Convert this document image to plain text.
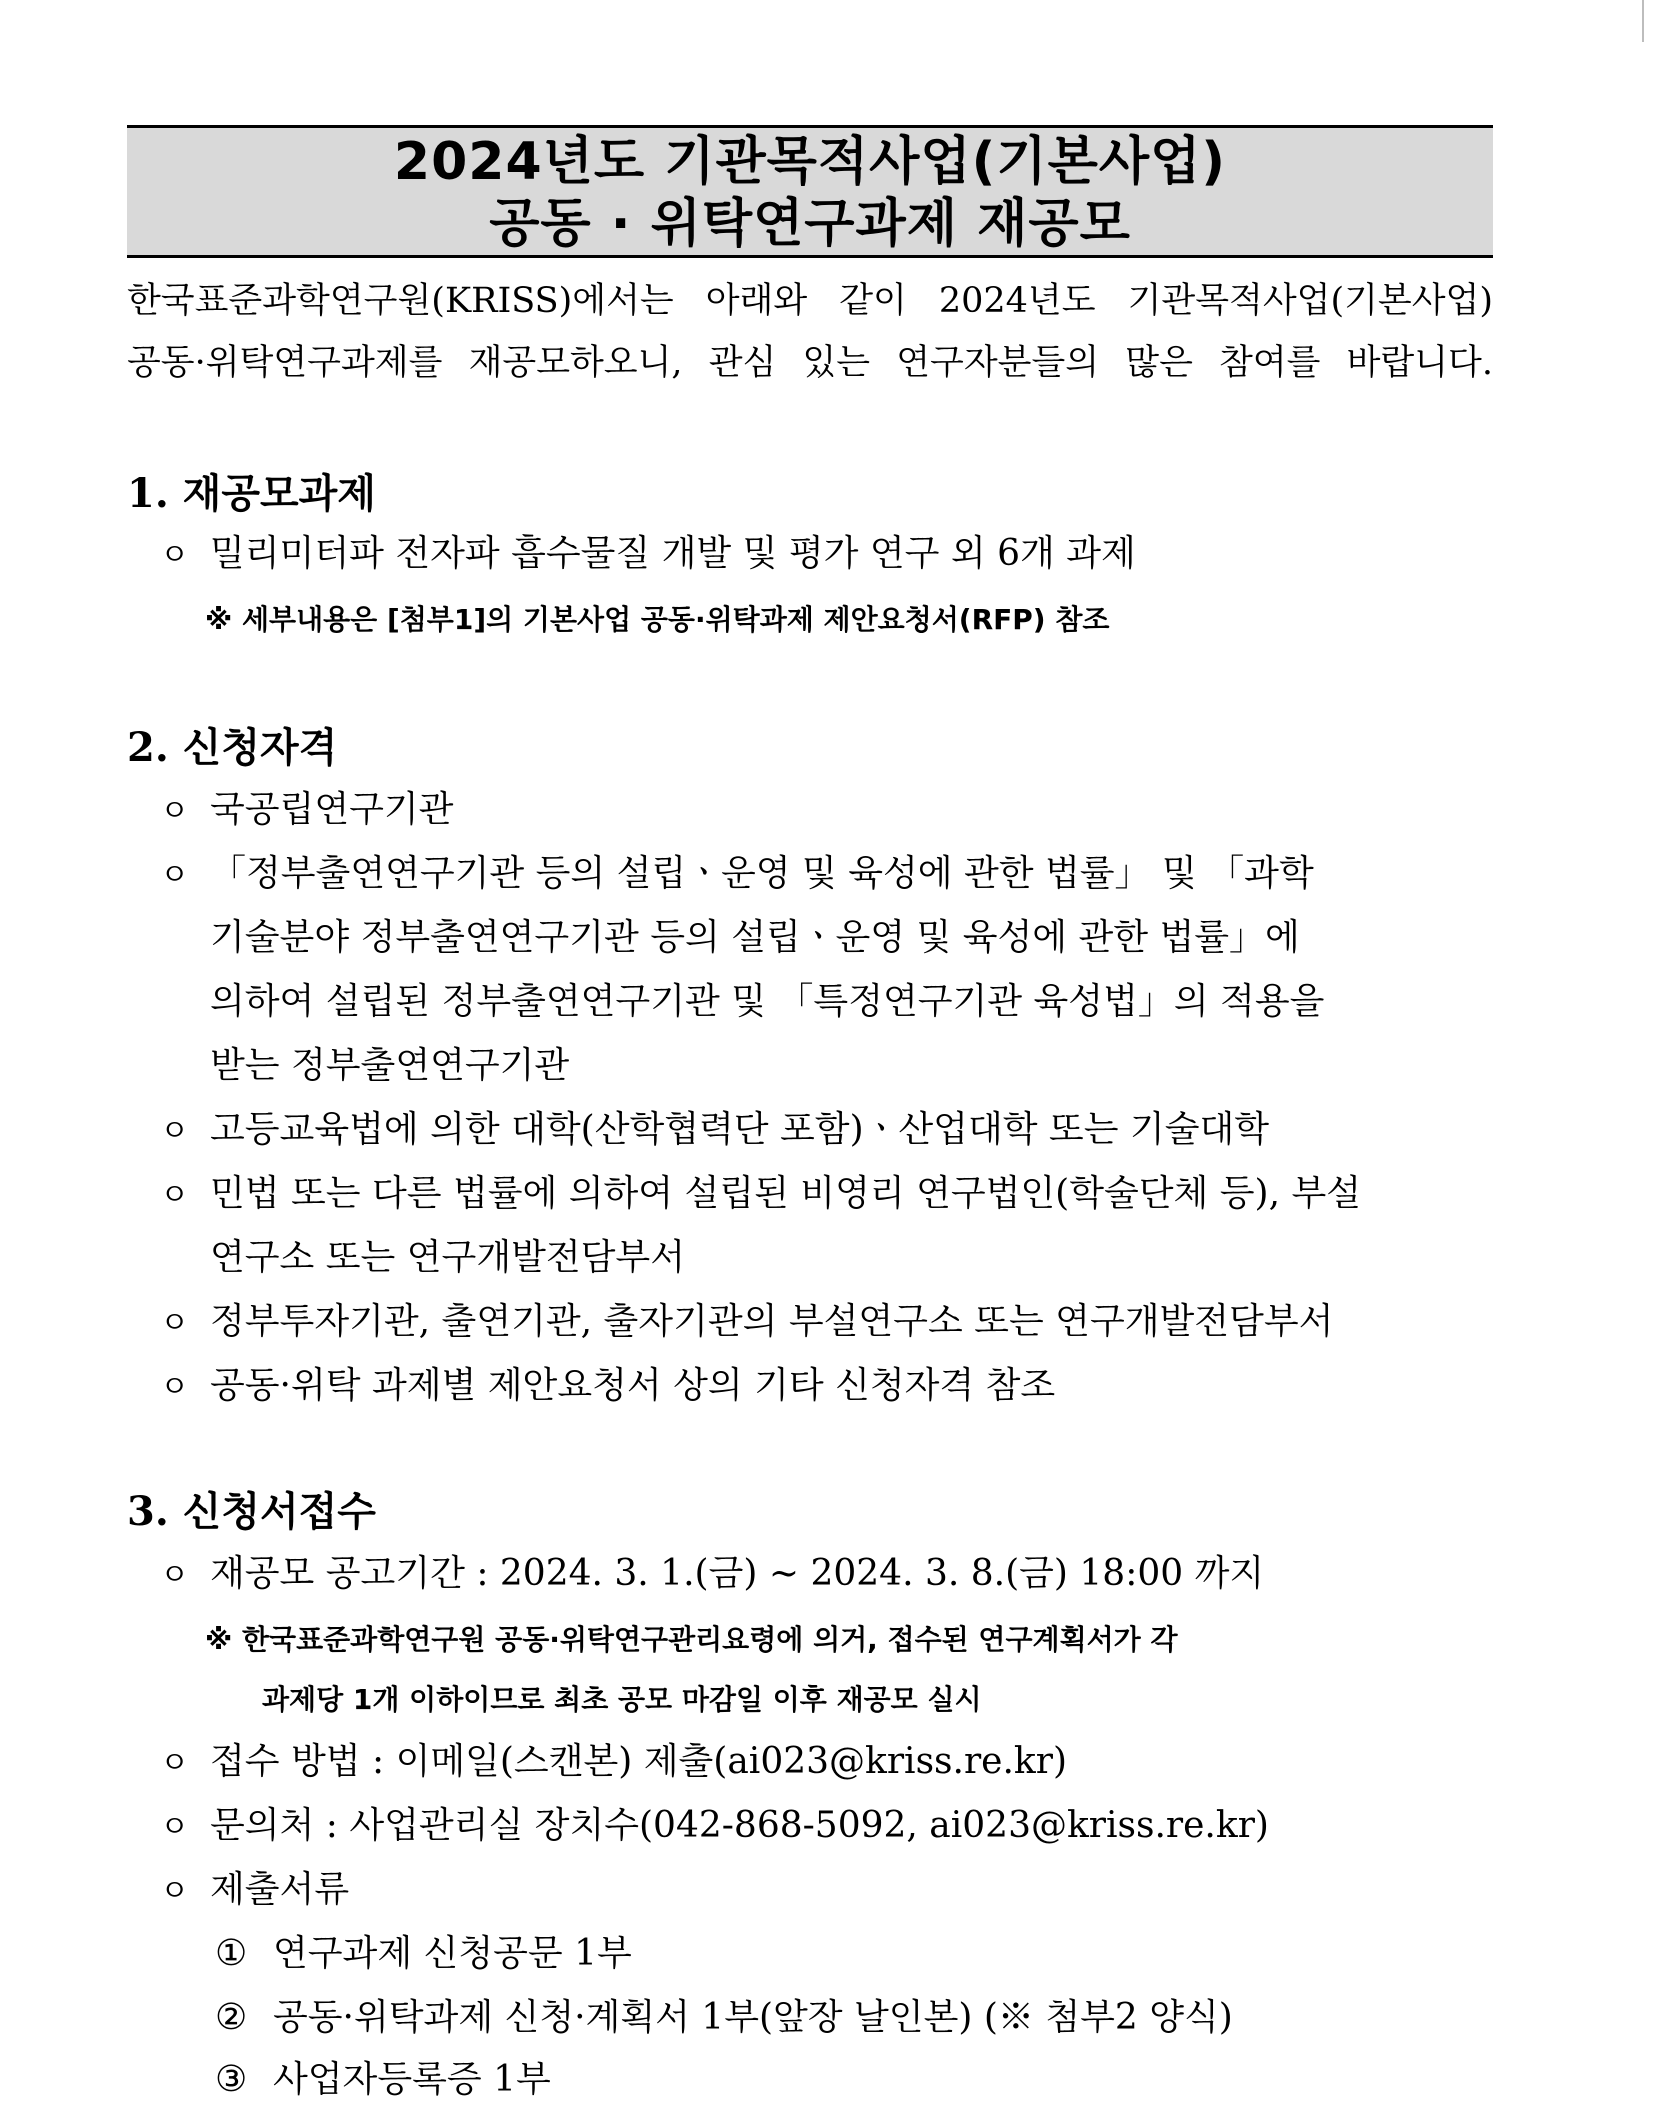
2024년도 기관목적사업(기본사업)
공동 · 위탁연구과제 재공모
한국표준과학연구원(KRISS)에서는 아래와 같이 2024년도 기관목적사업(기본사업)
공동·위탁연구과제를 재공모하오니, 관심 있는 연구자분들의 많은 참여를 바랍니다.
1. 재공모과제
ㅇ 밀리미터파 전자파 흡수물질 개발 및 평가 연구 외 6개 과제
※ 세부내용은 [첨부1]의 기본사업 공동·위탁과제 제안요청서(RFP) 참조
2. 신청자격
ㅇ 국공립연구기관
ㅇ 「정부출연연구기관 등의 설립ㆍ운영 및 육성에 관한 법률」 및 「과학
기술분야 정부출연연구기관 등의 설립ㆍ운영 및 육성에 관한 법률」에
의하여 설립된 정부출연연구기관 및 「특정연구기관 육성법」의 적용을
받는 정부출연연구기관
ㅇ 고등교육법에 의한 대학(산학협력단 포함)ㆍ산업대학 또는 기술대학
ㅇ 민법 또는 다른 법률에 의하여 설립된 비영리 연구법인(학술단체 등), 부설
연구소 또는 연구개발전담부서
ㅇ 정부투자기관, 출연기관, 출자기관의 부설연구소 또는 연구개발전담부서
ㅇ 공동·위탁 과제별 제안요청서 상의 기타 신청자격 참조
3. 신청서접수
ㅇ 재공모 공고기간 : 2024. 3. 1.(금) ~ 2024. 3. 8.(금) 18:00 까지
※ 한국표준과학연구원 공동·위탁연구관리요령에 의거, 접수된 연구계획서가 각
과제당 1개 이하이므로 최초 공모 마감일 이후 재공모 실시
ㅇ 접수 방법 : 이메일(스캔본) 제출(ai023@kriss.re.kr)
ㅇ 문의처 : 사업관리실 장치수(042-868-5092, ai023@kriss.re.kr)
ㅇ 제출서류
① 연구과제 신청공문 1부
② 공동·위탁과제 신청·계획서 1부(앞장 날인본) (※ 첨부2 양식)
③ 사업자등록증 1부
